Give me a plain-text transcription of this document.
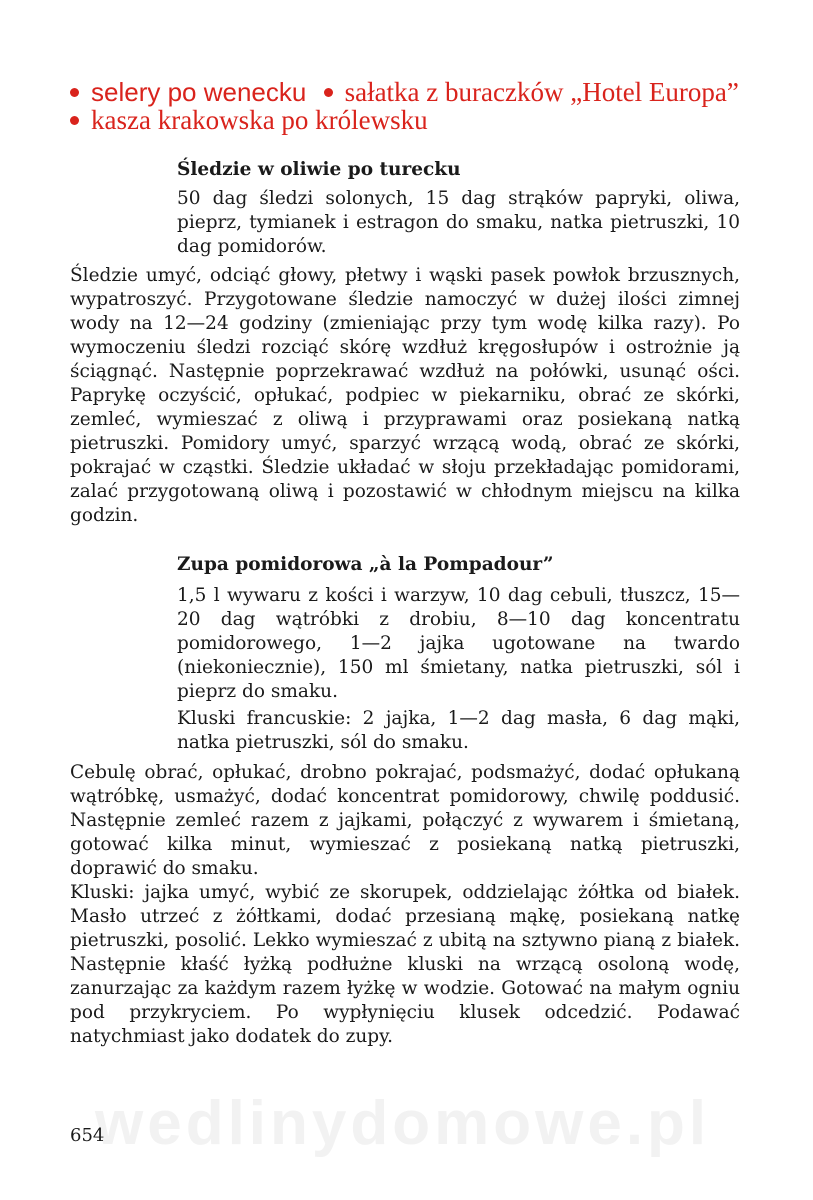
wedlinydomowe.pl
selery po wenecku sałatka z buraczków „Hotel Europa” kasza krakowska po królewsku
Śledzie w oliwie po turecku
50 dag śledzi solonych, 15 dag strąków papryki, oliwa, pieprz, tymianek i estragon do smaku, natka pietruszki, 10 dag pomidorów.

Śledzie umyć, odciąć głowy, płetwy i wąski pasek powłok brzusznych, wypatroszyć. Przygotowane śledzie namoczyć w dużej ilości zimnej wody na 12—24 godziny (zmieniając przy tym wodę kilka razy). Po wymoczeniu śledzi rozciąć skórę wzdłuż kręgosłupów i ostrożnie ją ściągnąć. Następnie poprzekrawać wzdłuż na połówki, usunąć ości. Paprykę oczyścić, opłukać, podpiec w piekarniku, obrać ze skórki, zemleć, wymieszać z oliwą i przyprawami oraz posiekaną natką pietruszki. Pomidory umyć, sparzyć wrzącą wodą, obrać ze skórki, pokrajać w cząstki. Śledzie układać w słoju przekładając pomidorami, zalać przygotowaną oliwą i pozostawić w chłodnym miejscu na kilka godzin.

Zupa pomidorowa „à la Pompadour”
1,5 l wywaru z kości i warzyw, 10 dag cebuli, tłuszcz, 15—20 dag wątróbki z drobiu, 8—10 dag koncentratu pomidorowego, 1—2 jajka ugotowane na twardo (niekoniecznie), 150 ml śmietany, natka pietruszki, sól i pieprz do smaku.
Kluski francuskie: 2 jajka, 1—2 dag masła, 6 dag mąki, natka pietruszki, sól do smaku.

Cebulę obrać, opłukać, drobno pokrajać, podsmażyć, dodać opłukaną wątróbkę, usmażyć, dodać koncentrat pomidorowy, chwilę poddusić. Następnie zemleć razem z jajkami, połączyć z wywarem i śmietaną, gotować kilka minut, wymieszać z posiekaną natką pietruszki, doprawić do smaku.

Kluski: jajka umyć, wybić ze skorupek, oddzielając żółtka od białek. Masło utrzeć z żółtkami, dodać przesianą mąkę, posiekaną natkę pietruszki, posolić. Lekko wymieszać z ubitą na sztywno pianą z białek. Następnie kłaść łyżką podłużne kluski na wrzącą osoloną wodę, zanurzając za każdym razem łyżkę w wodzie. Gotować na małym ogniu pod przykryciem. Po wypłynięciu klusek odcedzić. Podawać natychmiast jako dodatek do zupy.

654
